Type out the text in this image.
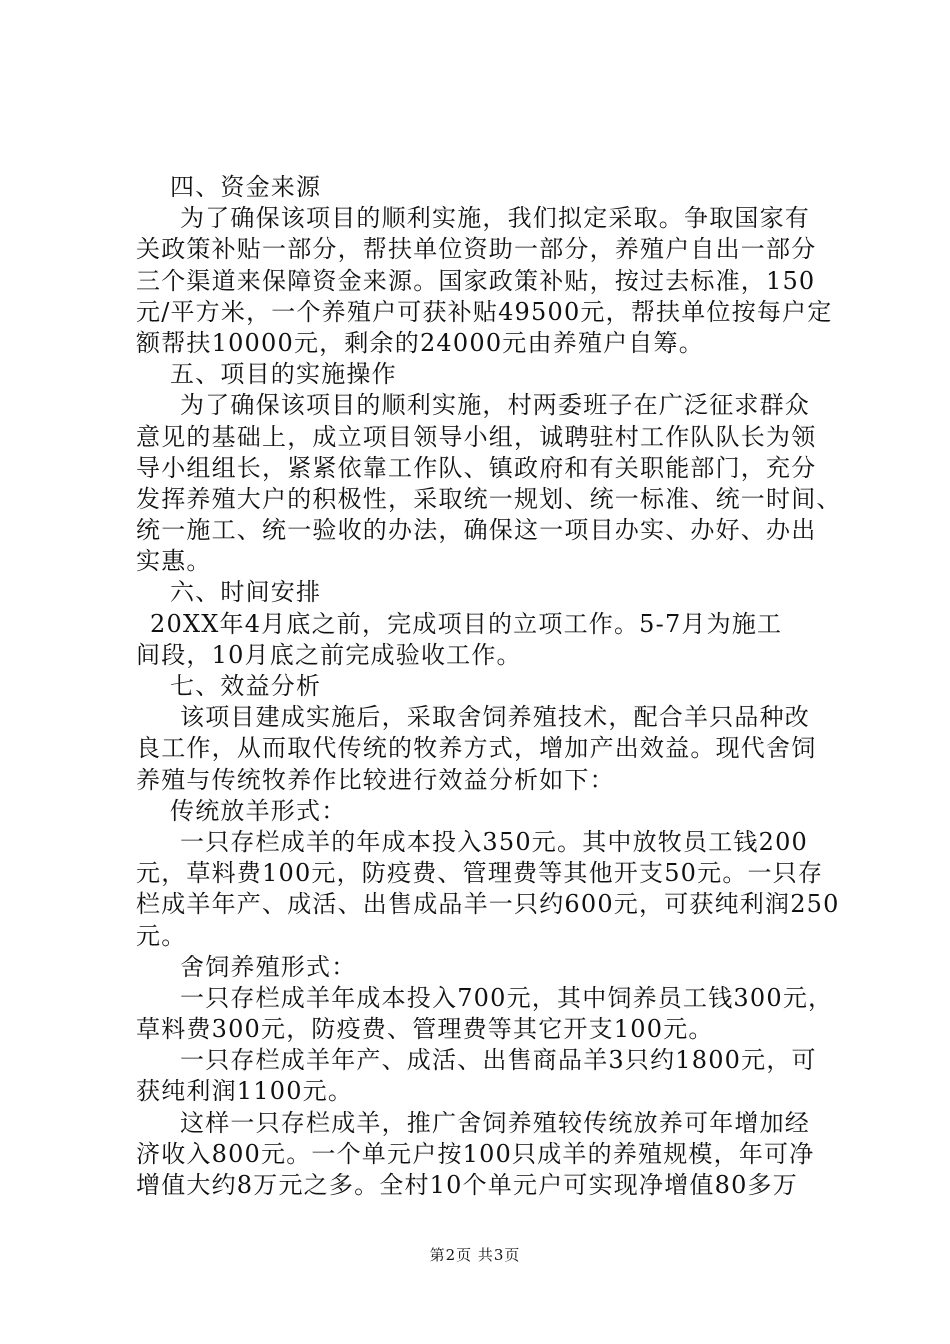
四、资金来源
为了确保该项目的顺利实施，我们拟定采取。争取国家有
关政策补贴一部分，帮扶单位资助一部分，养殖户自出一部分
三个渠道来保障资金来源。国家政策补贴，按过去标准，150
元/平方米，一个养殖户可获补贴49500元，帮扶单位按每户定
额帮扶10000元，剩余的24000元由养殖户自筹。
五、项目的实施操作
为了确保该项目的顺利实施，村两委班子在广泛征求群众
意见的基础上，成立项目领导小组，诚聘驻村工作队队长为领
导小组组长，紧紧依靠工作队、镇政府和有关职能部门，充分
发挥养殖大户的积极性，采取统一规划、统一标准、统一时间、
统一施工、统一验收的办法，确保这一项目办实、办好、办出
实惠。
六、时间安排
20XX年4月底之前，完成项目的立项工作。5-7月为施工
间段，10月底之前完成验收工作。
七、效益分析
该项目建成实施后，采取舍饲养殖技术，配合羊只品种改
良工作，从而取代传统的牧养方式，增加产出效益。现代舍饲
养殖与传统牧养作比较进行效益分析如下：
传统放羊形式：
一只存栏成羊的年成本投入350元。其中放牧员工钱200
元，草料费100元，防疫费、管理费等其他开支50元。一只存
栏成羊年产、成活、出售成品羊一只约600元，可获纯利润250
元。
舍饲养殖形式：
一只存栏成羊年成本投入700元，其中饲养员工钱300元，
草料费300元，防疫费、管理费等其它开支100元。
一只存栏成羊年产、成活、出售商品羊3只约1800元，可
获纯利润1100元。
这样一只存栏成羊，推广舍饲养殖较传统放养可年增加经
济收入800元。一个单元户按100只成羊的养殖规模，年可净
增值大约8万元之多。全村10个单元户可实现净增值80多万
第2页 共3页
